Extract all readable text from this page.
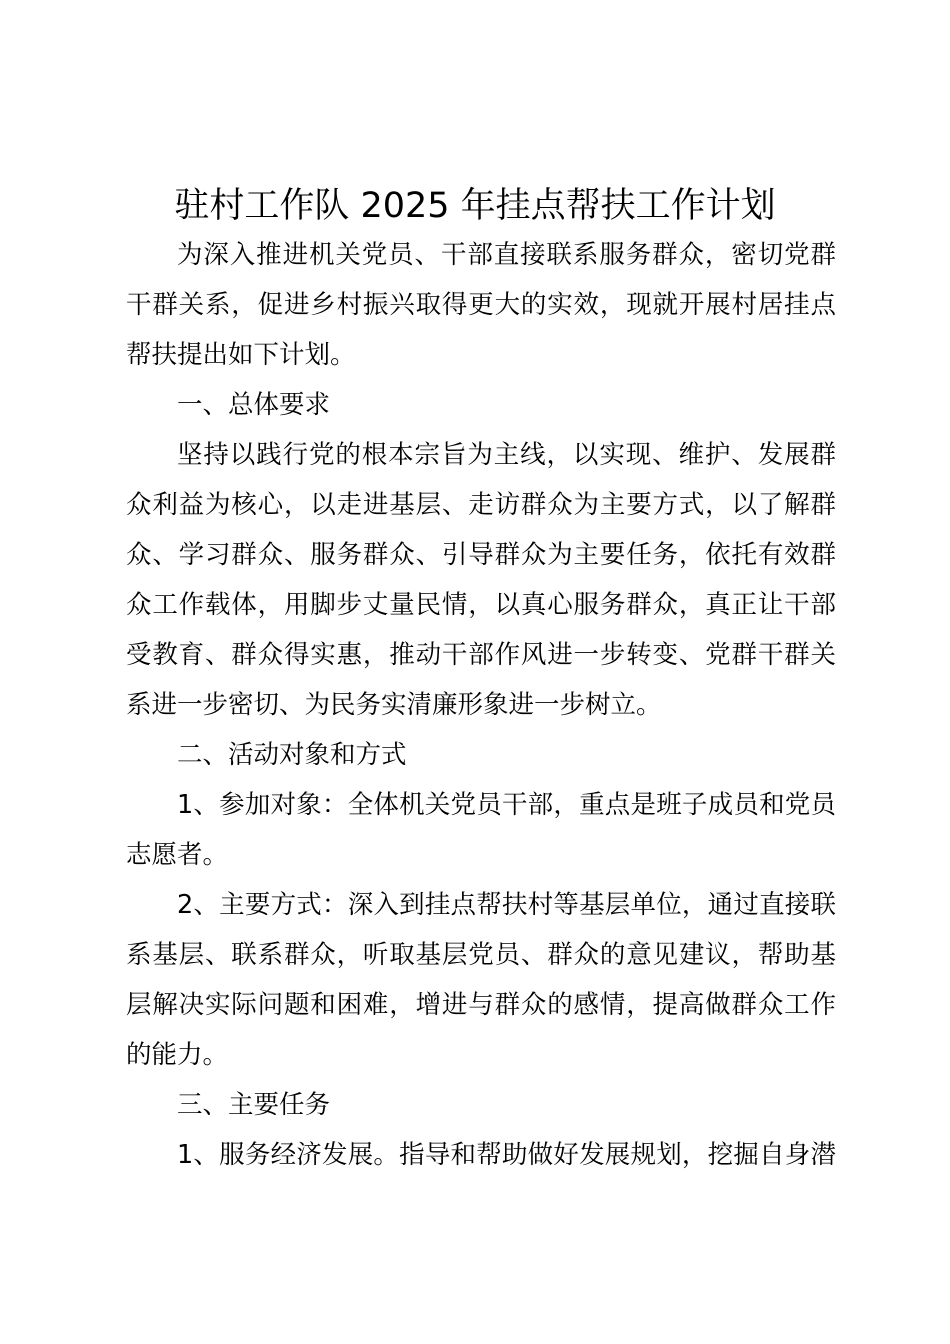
驻村工作队 2025 年挂点帮扶工作计划
为深入推进机关党员、干部直接联系服务群众，密切党群
干群关系，促进乡村振兴取得更大的实效，现就开展村居挂点
帮扶提出如下计划。
一、总体要求
坚持以践行党的根本宗旨为主线，以实现、维护、发展群
众利益为核心，以走进基层、走访群众为主要方式，以了解群
众、学习群众、服务群众、引导群众为主要任务，依托有效群
众工作载体，用脚步丈量民情，以真心服务群众，真正让干部
受教育、群众得实惠，推动干部作风进一步转变、党群干群关
系进一步密切、为民务实清廉形象进一步树立。
二、活动对象和方式
1、参加对象：全体机关党员干部，重点是班子成员和党员
志愿者。
2、主要方式：深入到挂点帮扶村等基层单位，通过直接联
系基层、联系群众，听取基层党员、群众的意见建议，帮助基
层解决实际问题和困难，增进与群众的感情，提高做群众工作
的能力。
三、主要任务
1、服务经济发展。指导和帮助做好发展规划，挖掘自身潜
